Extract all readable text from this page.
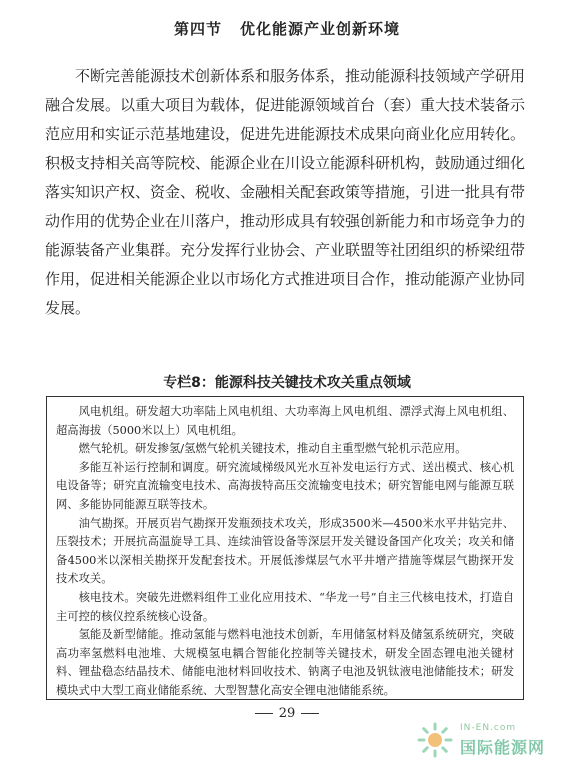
第四节 优化能源产业创新环境

不断完善能源技术创新体系和服务体系，推动能源科技领域产学研用融合发展。以重大项目为载体，促进能源领域首台（套）重大技术装备示范应用和实证示范基地建设，促进先进能源技术成果向商业化应用转化。积极支持相关高等院校、能源企业在川设立能源科研机构，鼓励通过细化落实知识产权、资金、税收、金融相关配套政策等措施，引进一批具有带动作用的优势企业在川落户，推动形成具有较强创新能力和市场竞争力的能源装备产业集群。充分发挥行业协会、产业联盟等社团组织的桥梁纽带作用，促进相关能源企业以市场化方式推进项目合作，推动能源产业协同发展。

专栏8：能源科技关键技术攻关重点领域

风电机组。研发超大功率陆上风电机组、大功率海上风电机组、漂浮式海上风电机组、超高海拔（5000米以上）风电机组。

燃气轮机。研发掺氢/氢燃气轮机关键技术，推动自主重型燃气轮机示范应用。

多能互补运行控制和调度。研究流域梯级风光水互补发电运行方式、送出模式、核心机电设备等；研究直流输变电技术、高海拔特高压交流输变电技术；研究智能电网与能源互联网、多能协同能源互联等技术。

油气勘探。开展页岩气勘探开发瓶颈技术攻关，形成3500米—4500米水平井钻完井、压裂技术；开展抗高温旋导工具、连续油管设备等深层开发关键设备国产化攻关；攻关和储备4500米以深相关勘探开发配套技术。开展低渗煤层气水平井增产措施等煤层气勘探开发技术攻关。

核电技术。突破先进燃料组件工业化应用技术、“华龙一号”自主三代核电技术，打造自主可控的核仪控系统核心设备。

氢能及新型储能。推动氢能与燃料电池技术创新，车用储氢材料及储氢系统研究，突破高功率氢燃料电池堆、大规模氢电耦合智能化控制等关键技术，研发全固态锂电池关键材料、锂盐稳态结晶技术、储能电池材料回收技术、钠离子电池及钒钛液电池储能技术；研发模块式中大型工商业储能系统、大型智慧化高安全锂电池储能系统。

29
IN-EN.com
国际能源网
